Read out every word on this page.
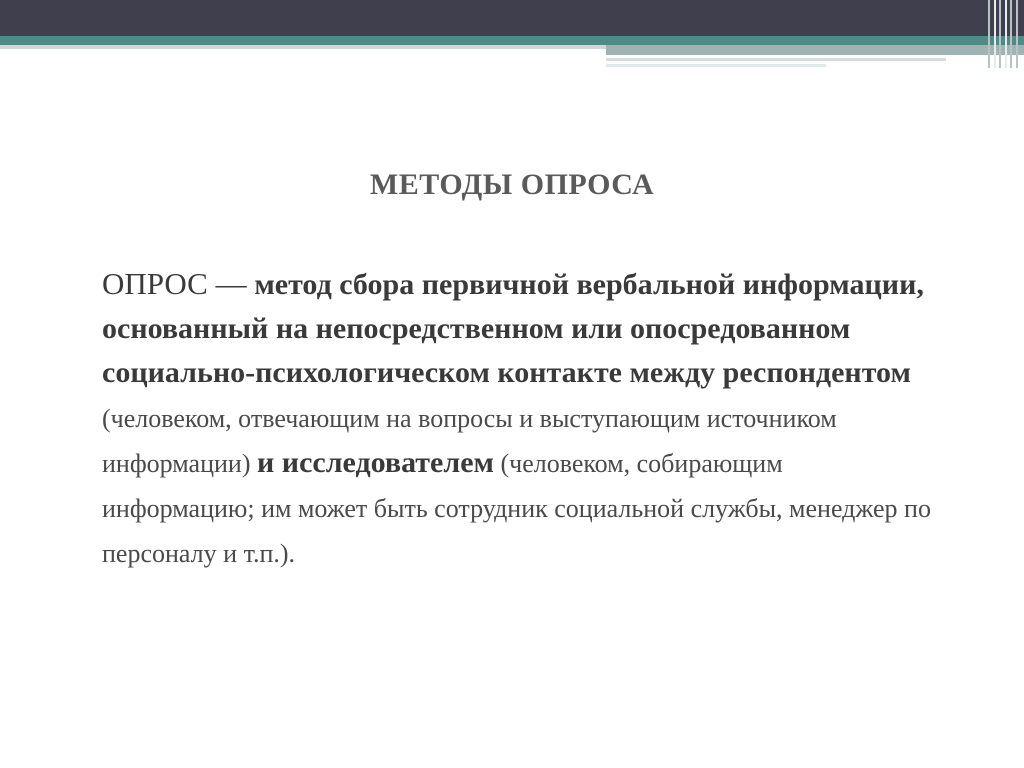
МЕТОДЫ ОПРОСА
ОПРОС — метод сбора первичной вербальной информации, основанный на непосредственном или опосредованном социально-психологическом контакте между респондентом (человеком, отвечающим на вопросы и выступающим источником информации) и исследователем (человеком, собирающим информацию; им может быть сотрудник социальной службы, менеджер по персоналу и т.п.).
